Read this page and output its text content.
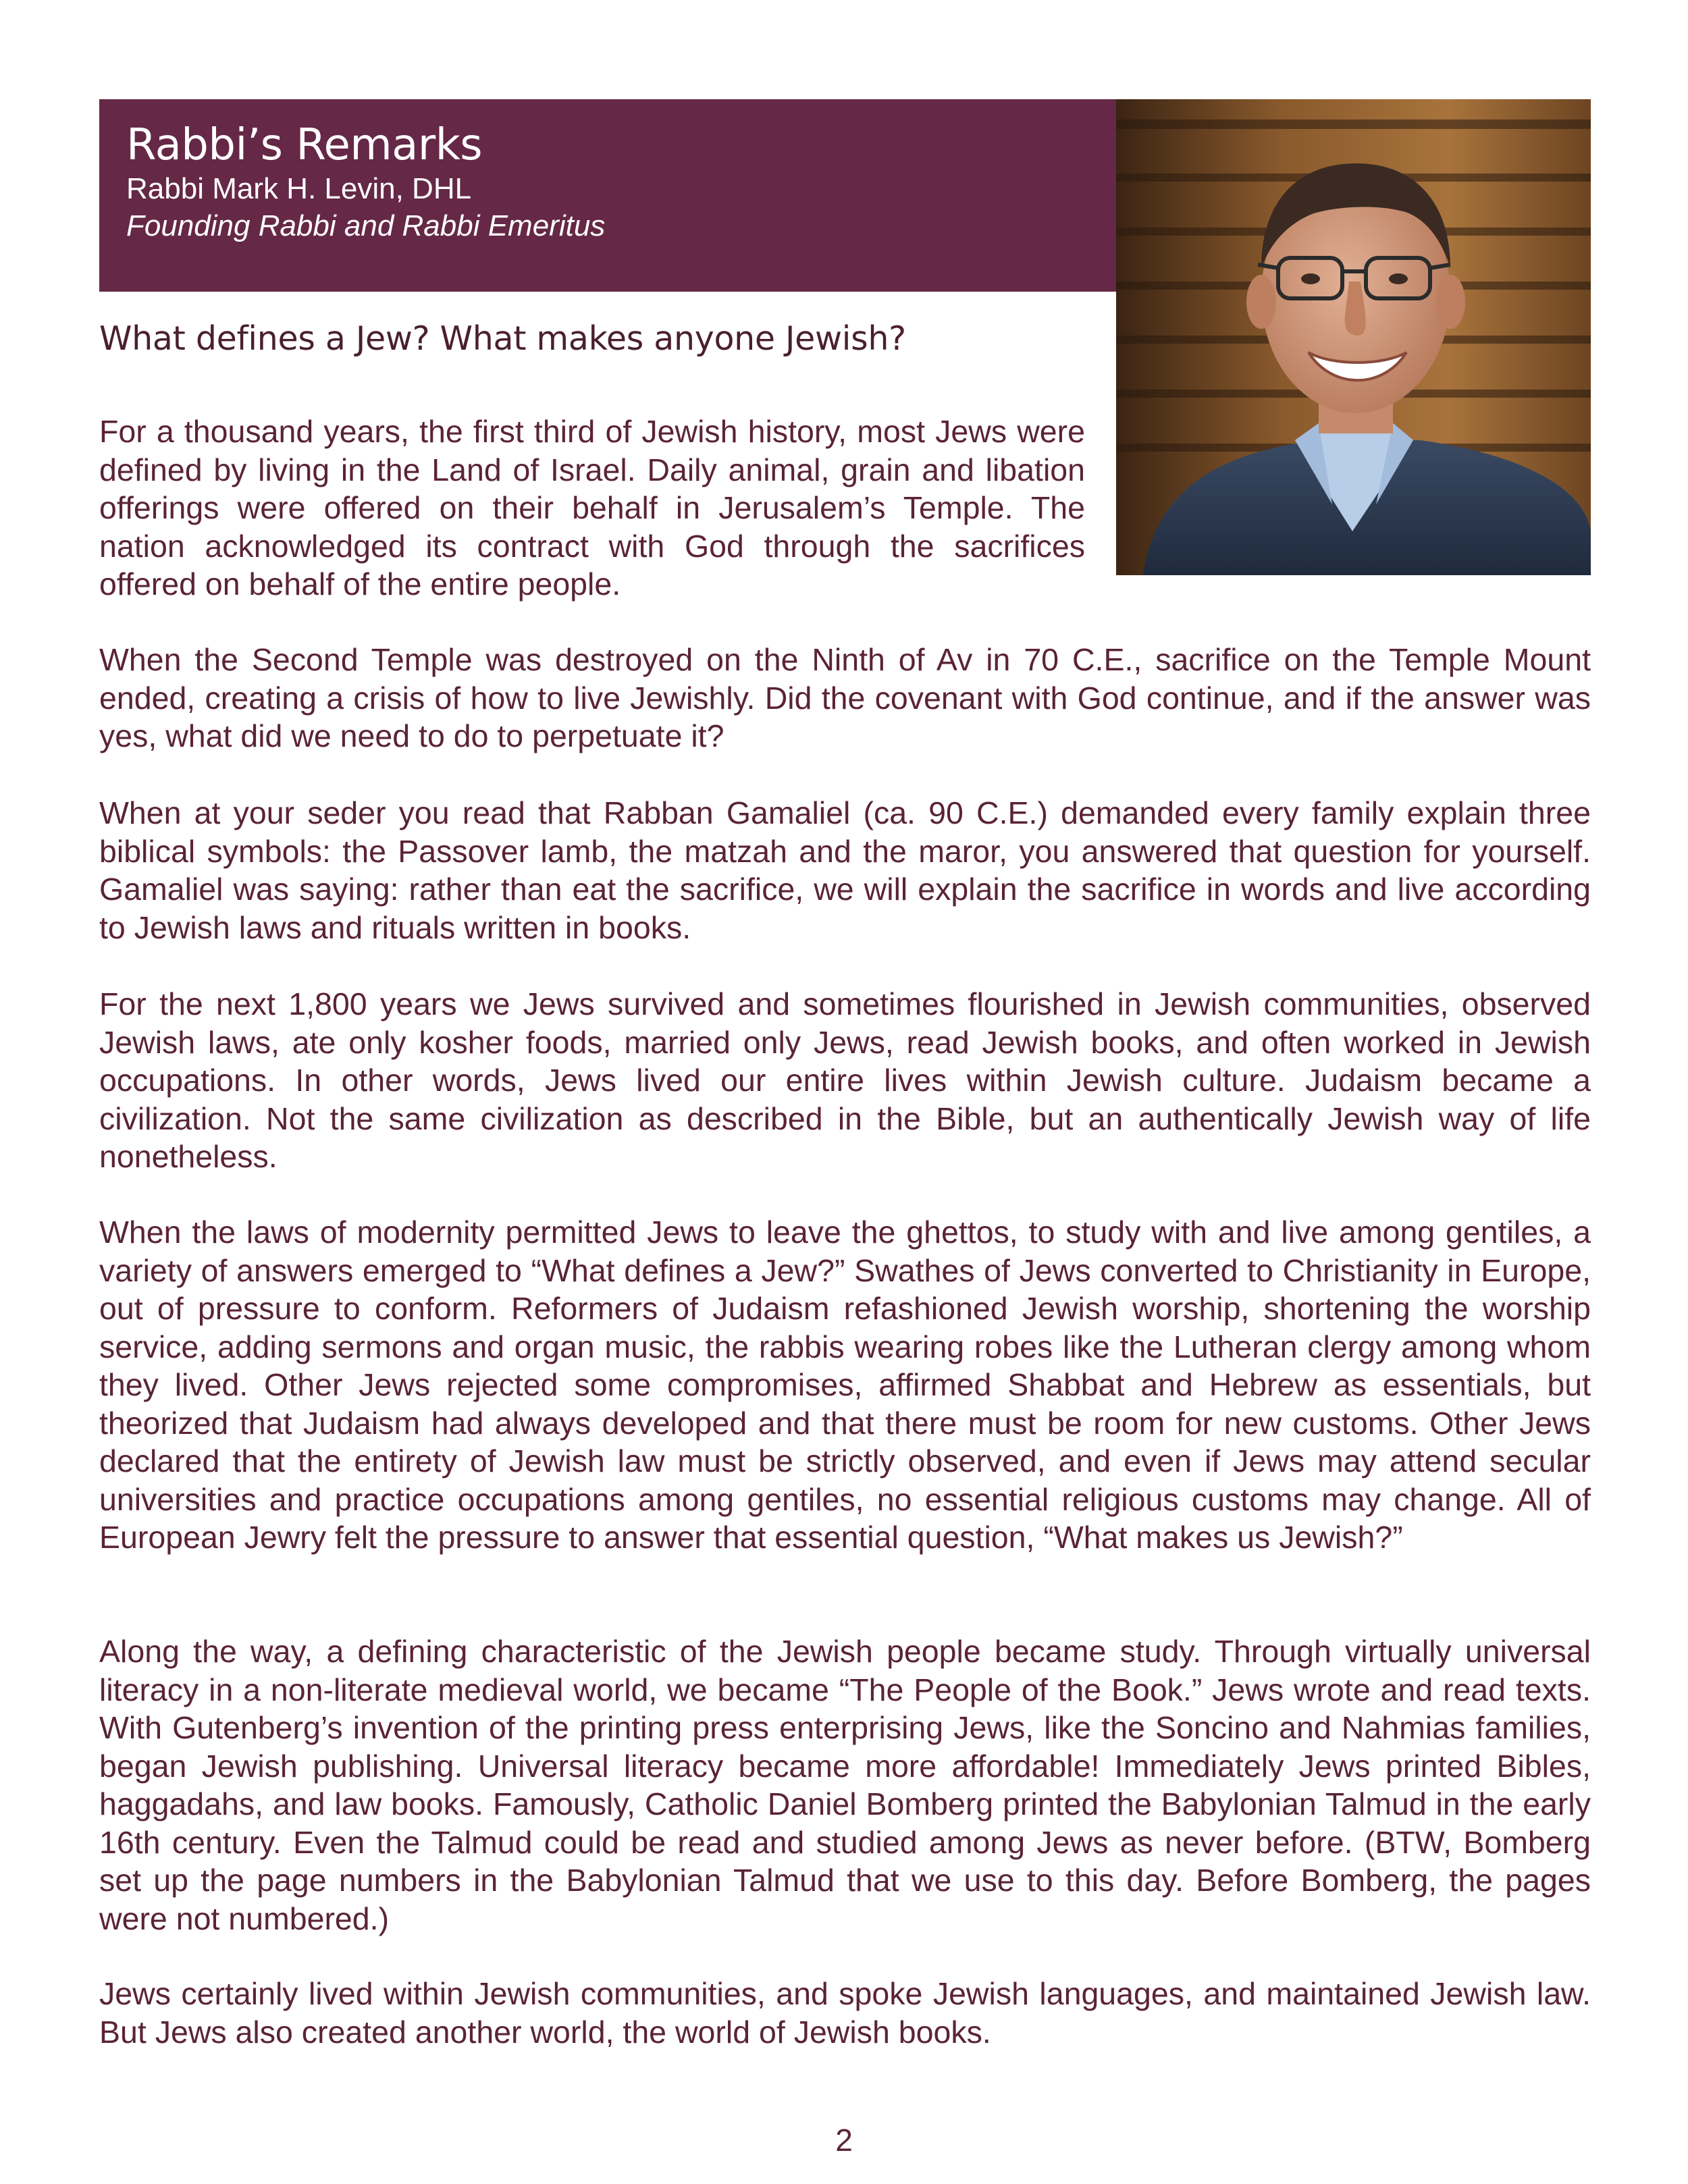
Rabbi’s Remarks
Rabbi Mark H. Levin, DHL
Founding Rabbi and Rabbi Emeritus
What defines a Jew? What makes anyone Jewish?

For a thousand years, the first third of Jewish history, most Jews were defined by living in the Land of Israel. Daily animal, grain and libation offerings were offered on their behalf in Jerusalem’s Temple. The nation acknowledged its contract with God through the sacrifices offered on behalf of the entire people.

When the Second Temple was destroyed on the Ninth of Av in 70 C.E., sacrifice on the Temple Mount ended, creating a crisis of how to live Jewishly. Did the covenant with God continue, and if the answer was yes, what did we need to do to perpetuate it?

When at your seder you read that Rabban Gamaliel (ca. 90 C.E.) demanded every family explain three biblical symbols: the Passover lamb, the matzah and the maror, you answered that question for yourself. Gamaliel was saying: rather than eat the sacrifice, we will explain the sacrifice in words and live according to Jewish laws and rituals written in books.

For the next 1,800 years we Jews survived and sometimes flourished in Jewish communities, observed Jewish laws, ate only kosher foods, married only Jews, read Jewish books, and often worked in Jewish occupations. In other words, Jews lived our entire lives within Jewish culture. Judaism became a civilization. Not the same civilization as described in the Bible, but an authentically Jewish way of life nonetheless.

When the laws of modernity permitted Jews to leave the ghettos, to study with and live among gentiles, a variety of answers emerged to “What defines a Jew?” Swathes of Jews converted to Christianity in Europe, out of pressure to conform. Reformers of Judaism refashioned Jewish worship, shortening the worship service, adding sermons and organ music, the rabbis wearing robes like the Lutheran clergy among whom they lived. Other Jews rejected some compromises, affirmed Shabbat and Hebrew as essentials, but theorized that Judaism had always developed and that there must be room for new customs. Other Jews declared that the entirety of Jewish law must be strictly observed, and even if Jews may attend secular universities and practice occupations among gentiles, no essential religious customs may change. All of European Jewry felt the pressure to answer that essential question, “What makes us Jewish?”

Along the way, a defining characteristic of the Jewish people became study. Through virtually universal literacy in a non-literate medieval world, we became “The People of the Book.” Jews wrote and read texts. With Gutenberg’s invention of the printing press enterprising Jews, like the Soncino and Nahmias families, began Jewish publishing. Universal literacy became more affordable! Immediately Jews printed Bibles, haggadahs, and law books. Famously, Catholic Daniel Bomberg printed the Babylonian Talmud in the early 16th century. Even the Talmud could be read and studied among Jews as never before. (BTW, Bomberg set up the page numbers in the Babylonian Talmud that we use to this day. Before Bomberg, the pages were not numbered.)

Jews certainly lived within Jewish communities, and spoke Jewish languages, and maintained Jewish law. But Jews also created another world, the world of Jewish books.

2
